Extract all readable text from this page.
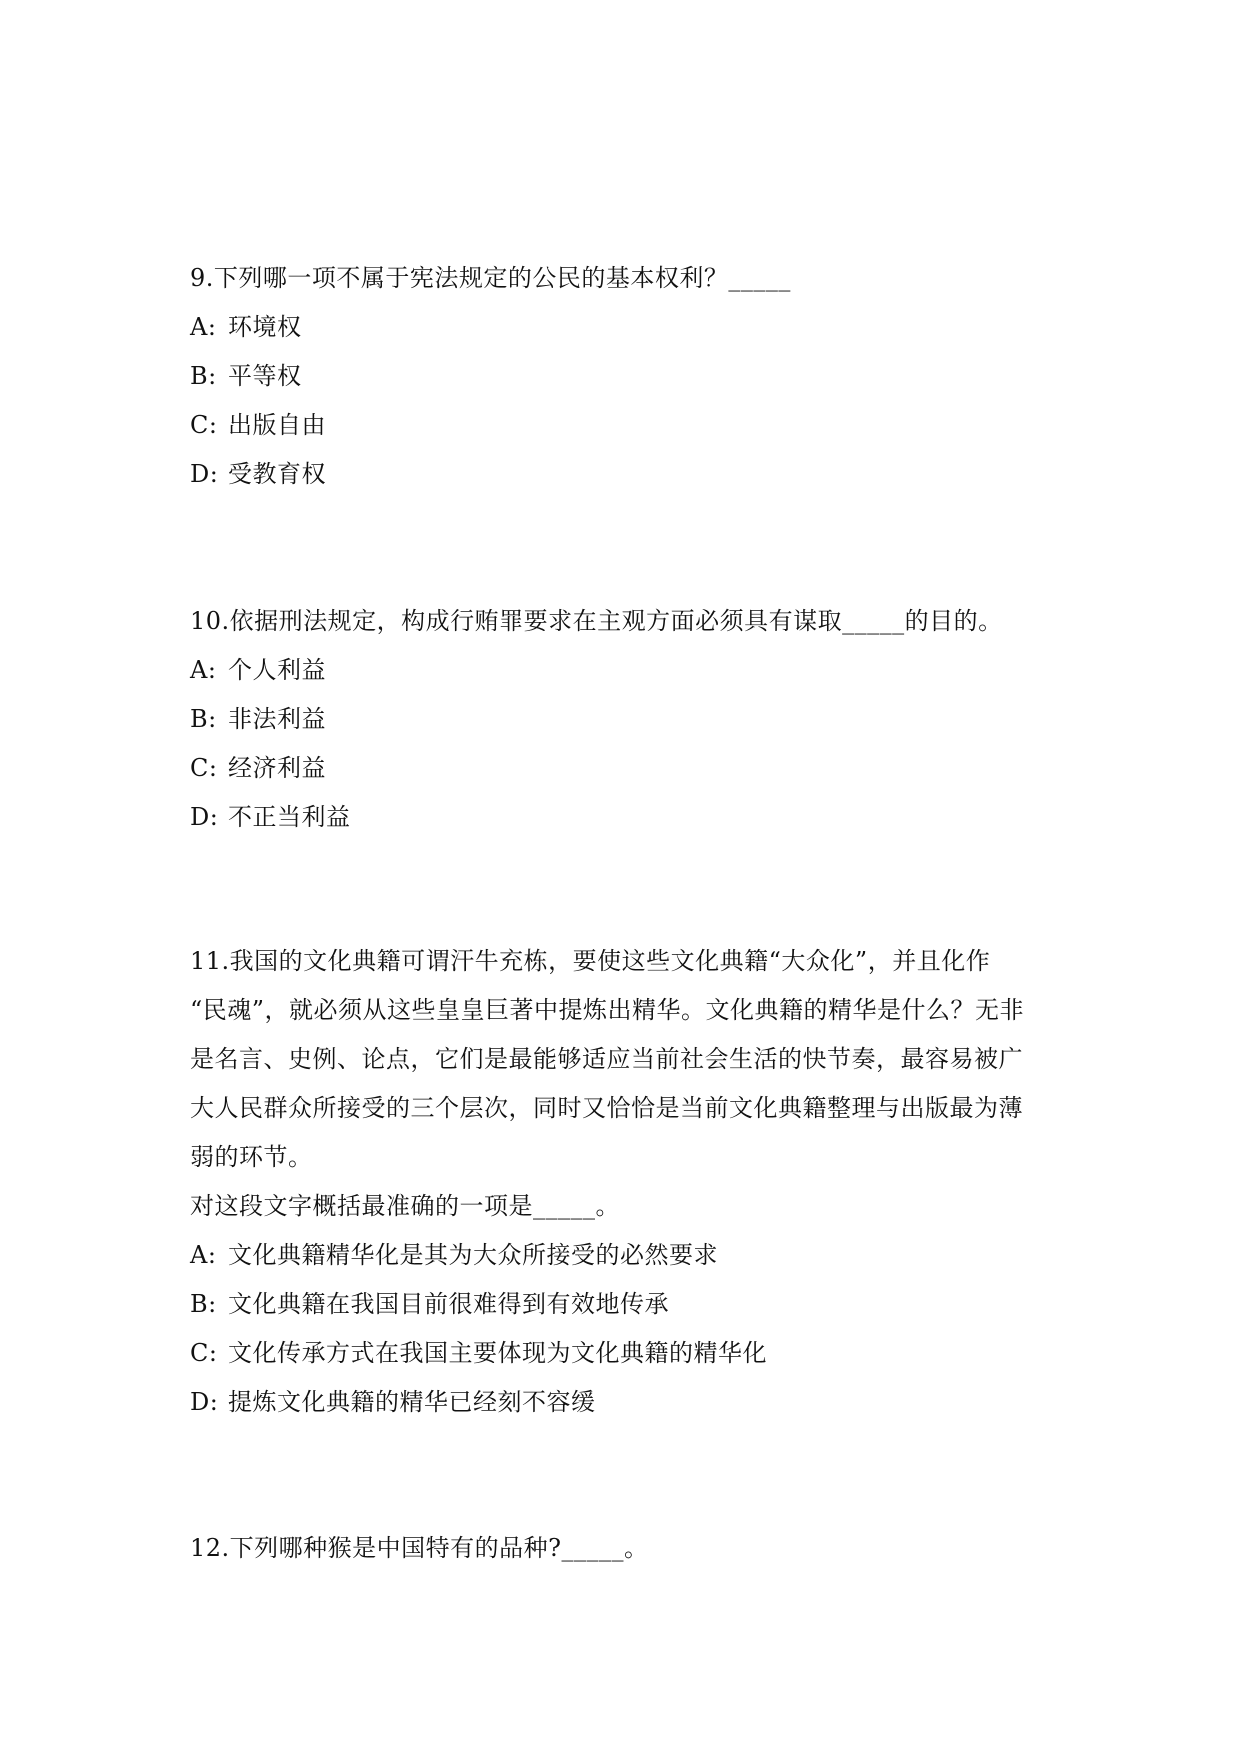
9.下列哪一项不属于宪法规定的公民的基本权利？_____
A: 环境权
B: 平等权
C: 出版自由
D: 受教育权
10.依据刑法规定，构成行贿罪要求在主观方面必须具有谋取_____的目的。
A: 个人利益
B: 非法利益
C: 经济利益
D: 不正当利益
11.我国的文化典籍可谓汗牛充栋，要使这些文化典籍“大众化”，并且化作
“民魂”，就必须从这些皇皇巨著中提炼出精华。文化典籍的精华是什么？无非
是名言、史例、论点，它们是最能够适应当前社会生活的快节奏，最容易被广
大人民群众所接受的三个层次，同时又恰恰是当前文化典籍整理与出版最为薄
弱的环节。
对这段文字概括最准确的一项是_____。
A: 文化典籍精华化是其为大众所接受的必然要求
B: 文化典籍在我国目前很难得到有效地传承
C: 文化传承方式在我国主要体现为文化典籍的精华化
D: 提炼文化典籍的精华已经刻不容缓
12.下列哪种猴是中国特有的品种?_____。
